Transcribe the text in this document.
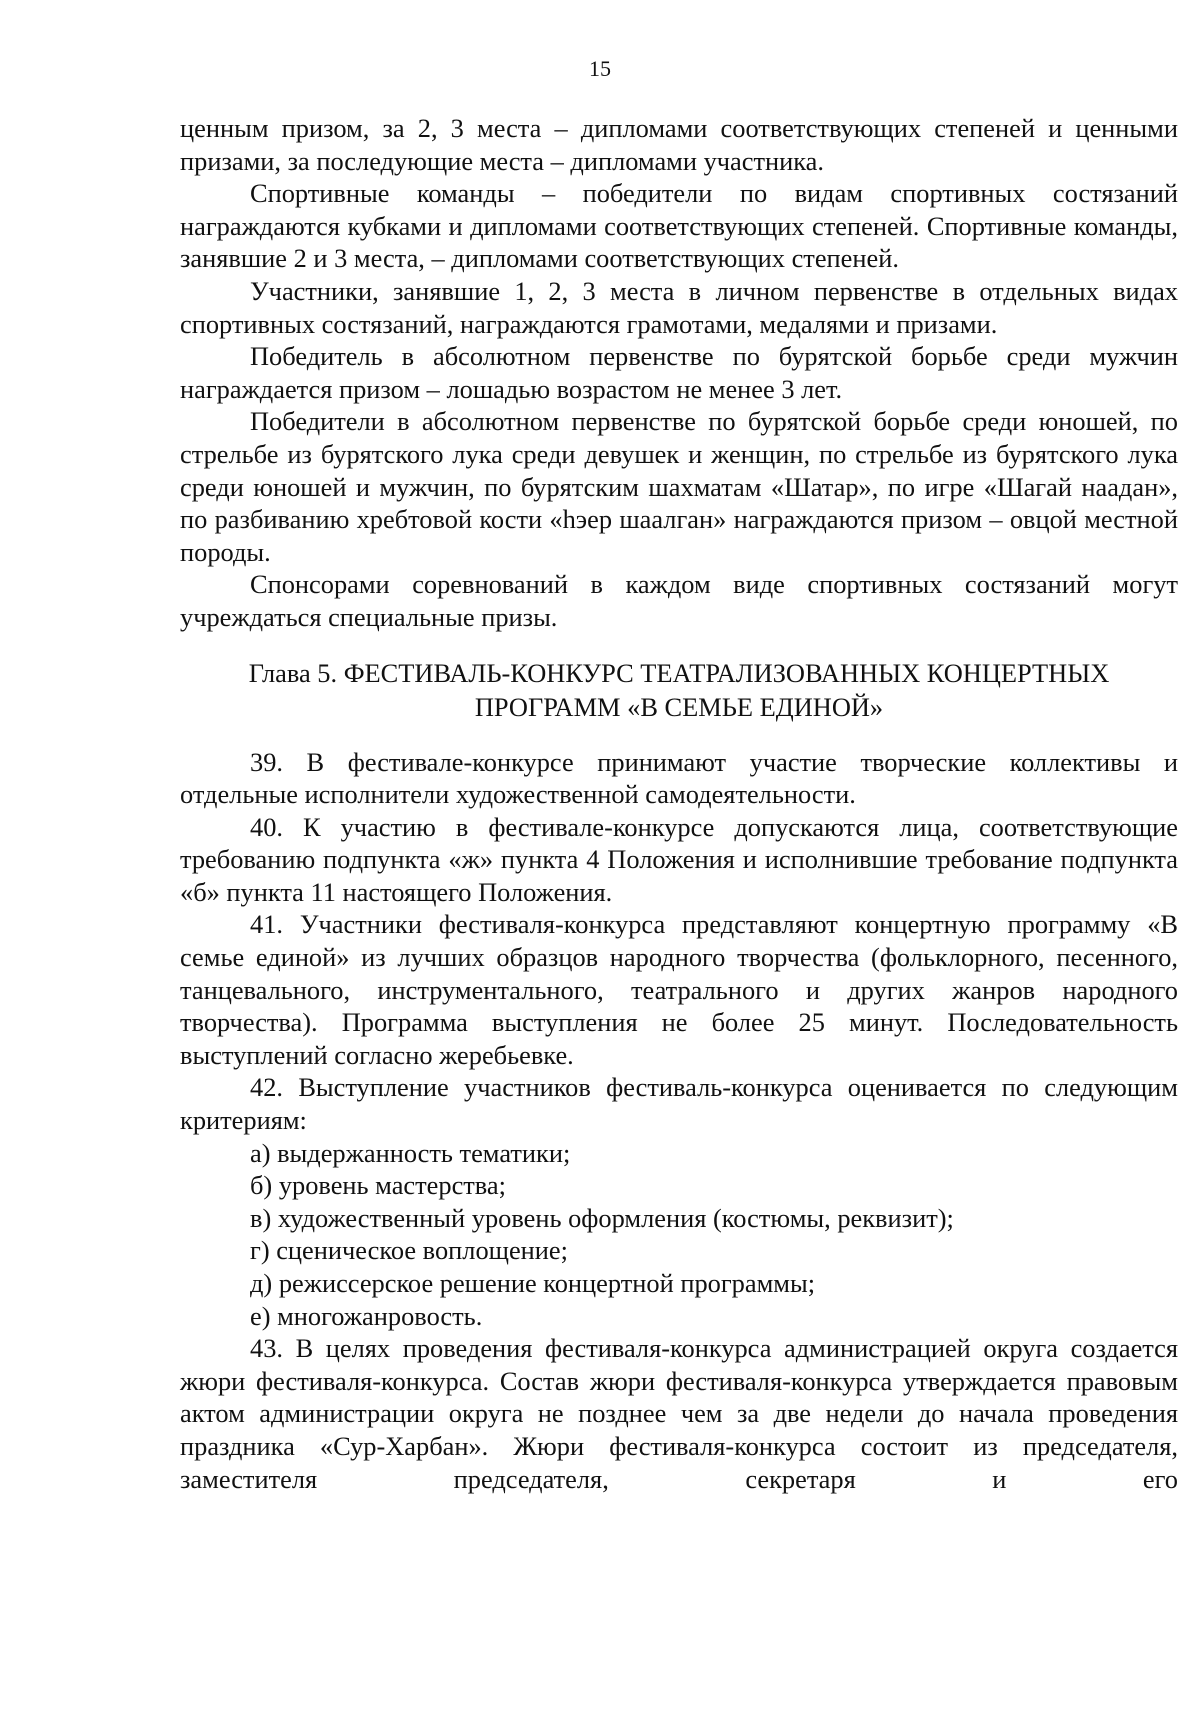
15

ценным призом, за 2, 3 места – дипломами соответствующих степеней и ценными призами, за последующие места – дипломами участника.

Спортивные команды – победители по видам спортивных состязаний награждаются кубками и дипломами соответствующих степеней. Спортивные команды, занявшие 2 и 3 места, – дипломами соответствующих степеней.

Участники, занявшие 1, 2, 3 места в личном первенстве в отдельных видах спортивных состязаний, награждаются грамотами, медалями и призами.

Победитель в абсолютном первенстве по бурятской борьбе среди мужчин награждается призом – лошадью возрастом не менее 3 лет.

Победители в абсолютном первенстве по бурятской борьбе среди юношей, по стрельбе из бурятского лука среди девушек и женщин, по стрельбе из бурятского лука среди юношей и мужчин, по бурятским шахматам «Шатар», по игре «Шагай наадан», по разбиванию хребтовой кости «һэер шаалган» награждаются призом – овцой местной породы.

Спонсорами соревнований в каждом виде спортивных состязаний могут учреждаться специальные призы.

Глава 5. ФЕСТИВАЛЬ-КОНКУРС ТЕАТРАЛИЗОВАННЫХ КОНЦЕРТНЫХ
ПРОГРАММ «В СЕМЬЕ ЕДИНОЙ»

39. В фестивале-конкурсе принимают участие творческие коллективы и отдельные исполнители художественной самодеятельности.

40. К участию в фестивале-конкурсе допускаются лица, соответствующие требованию подпункта «ж» пункта 4 Положения и исполнившие требование подпункта «б» пункта 11 настоящего Положения.

41. Участники фестиваля-конкурса представляют концертную программу «В семье единой» из лучших образцов народного творчества (фольклорного, песенного, танцевального, инструментального, театрального и других жанров народного творчества). Программа выступления не более 25 минут. Последовательность выступлений согласно жеребьевке.

42. Выступление участников фестиваль-конкурса оценивается по следующим критериям:

а) выдержанность тематики;

б) уровень мастерства;

в) художественный уровень оформления (костюмы, реквизит);

г) сценическое воплощение;

д) режиссерское решение концертной программы;

е) многожанровость.

43. В целях проведения фестиваля-конкурса администрацией округа создается жюри фестиваля-конкурса. Состав жюри фестиваля-конкурса утверждается правовым актом администрации округа не позднее чем за две недели до начала проведения праздника «Сур-Харбан». Жюри фестиваля-конкурса состоит из председателя, заместителя председателя, секретаря и его
